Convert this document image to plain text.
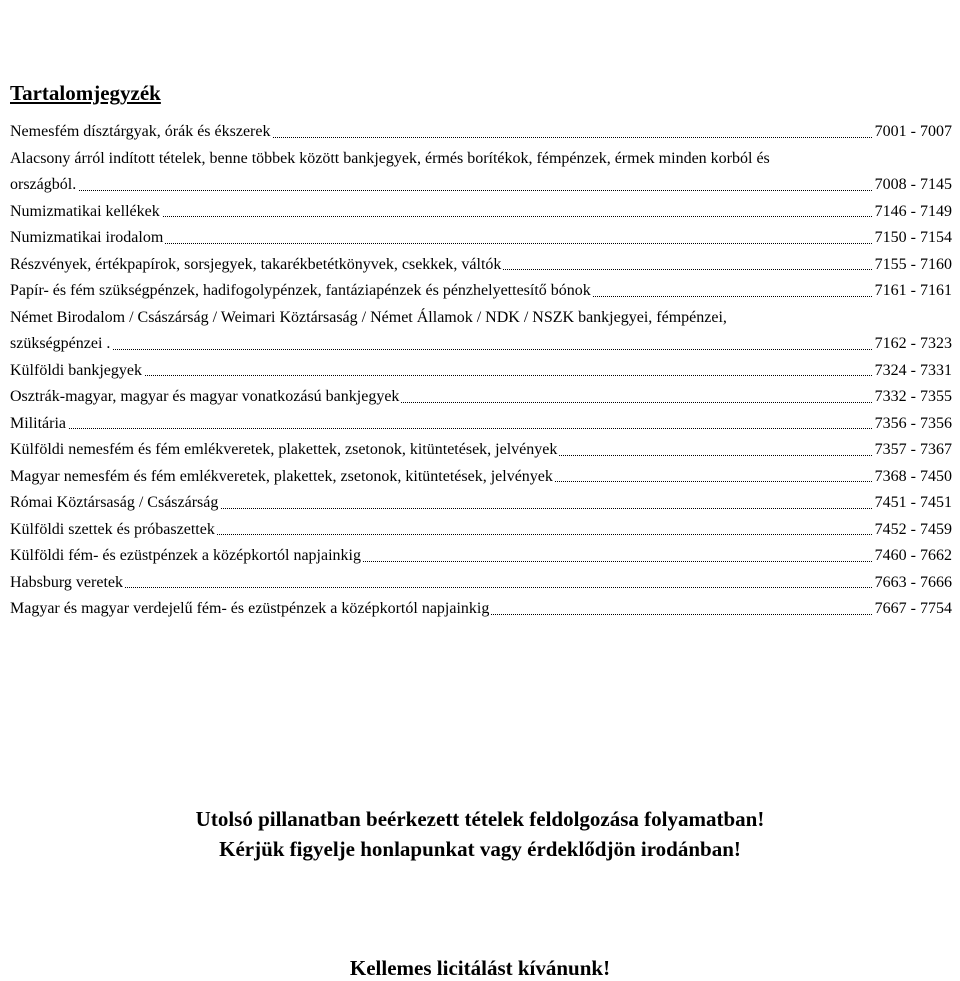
2013.07.05 - 2013.07.10	19. Numizmatika gyorsárverés
Tartalomjegyzék
Nemesfém dísztárgyak, órák és ékszerek	7001 - 7007
Alacsony árról indított tételek, benne többek között bankjegyek, érmés borítékok, fémpénzek, érmek minden korból és
országból.	7008 - 7145
Numizmatikai kellékek	7146 - 7149
Numizmatikai irodalom	7150 - 7154
Részvények, értékpapírok, sorsjegyek, takarékbetétkönyvek, csekkek, váltók	7155 - 7160
Papír- és fém szükségpénzek, hadifogolypénzek, fantáziapénzek és pénzhelyettesítő bónok	7161 - 7161
Német Birodalom / Császárság / Weimari Köztársaság / Német Államok / NDK / NSZK bankjegyei, fémpénzei,
szükségpénzei .	7162 - 7323
Külföldi bankjegyek	7324 - 7331
Osztrák-magyar, magyar és magyar vonatkozású bankjegyek	7332 - 7355
Militária	7356 - 7356
Külföldi nemesfém és fém emlékveretek, plakettek, zsetonok, kitüntetések, jelvények	7357 - 7367
Magyar nemesfém és fém emlékveretek, plakettek, zsetonok, kitüntetések, jelvények	7368 - 7450
Római Köztársaság / Császárság	7451 - 7451
Külföldi szettek és próbaszettek	7452 - 7459
Külföldi fém- és ezüstpénzek a középkortól napjainkig	7460 - 7662
Habsburg veretek	7663 - 7666
Magyar és magyar verdejelű fém- és ezüstpénzek a középkortól napjainkig	7667 - 7754
Utolsó pillanatban beérkezett tételek feldolgozása folyamatban!
Kérjük figyelje honlapunkat vagy érdeklődjön irodánban!
Kellemes licitálást kívánunk!
